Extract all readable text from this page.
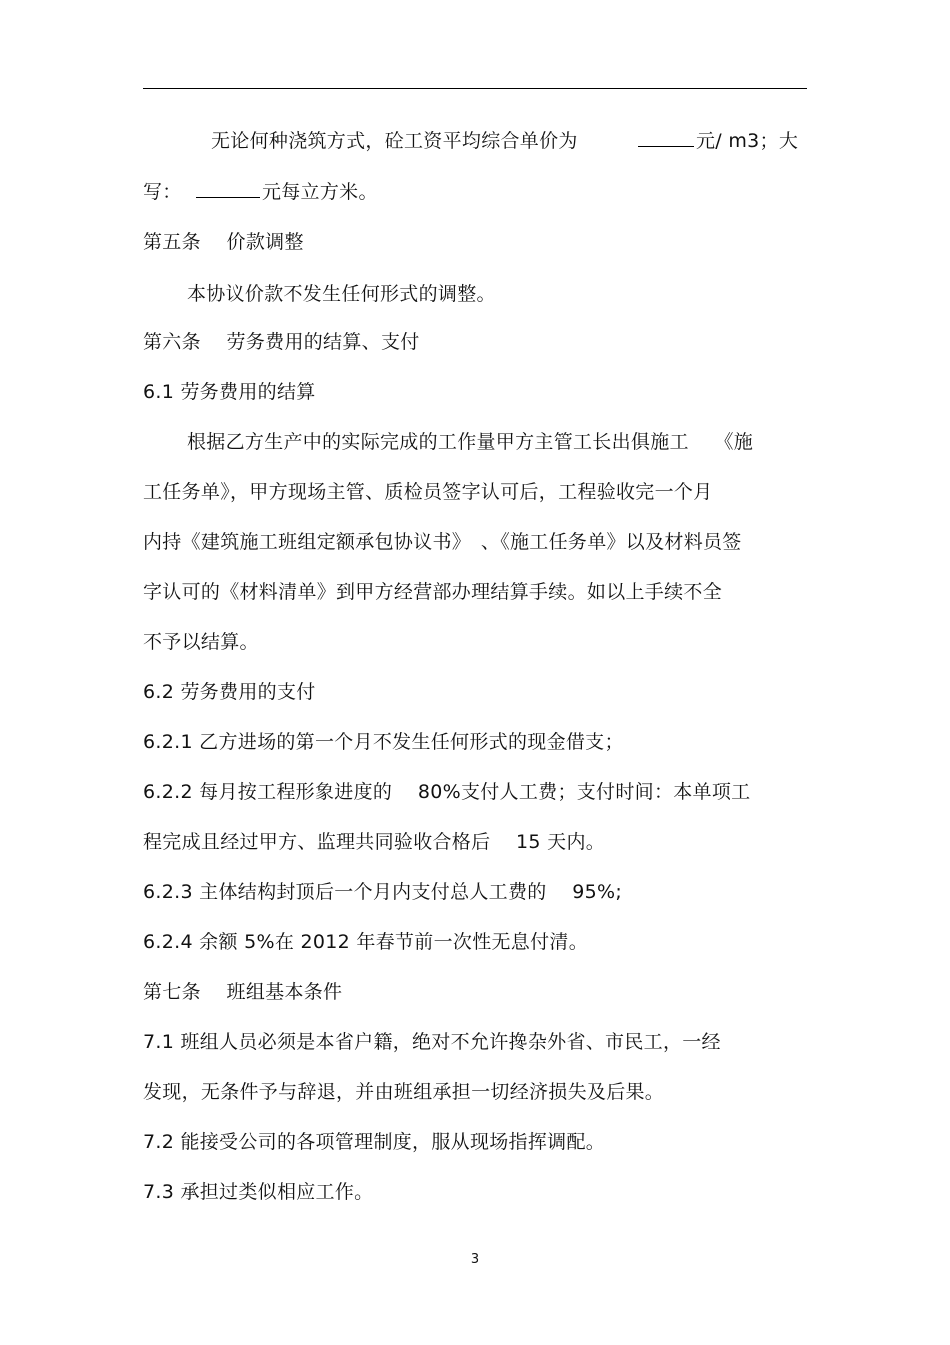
无论何种浇筑方式，砼工资平均综合单价为	元/ m3；大
写：	元每立方米。
第五条　 价款调整
本协议价款不发生任何形式的调整。
第六条　 劳务费用的结算、支付
6.1 劳务费用的结算
根据乙方生产中的实际完成的工作量甲方主管工长出俱施工　 《施
工任务单》，甲方现场主管、质检员签字认可后，工程验收完一个月
内持《建筑施工班组定额承包协议书》　、《施工任务单》以及材料员签
字认可的《材料清单》到甲方经营部办理结算手续。如以上手续不全
不予以结算。
6.2 劳务费用的支付
6.2.1 乙方进场的第一个月不发生任何形式的现金借支；
6.2.2 每月按工程形象进度的　 80%支付人工费；支付时间：本单项工
程完成且经过甲方、监理共同验收合格后　 15 天内。
6.2.3 主体结构封顶后一个月内支付总人工费的　 95%;
6.2.4 余额 5%在 2012 年春节前一次性无息付清。
第七条　 班组基本条件
7.1 班组人员必须是本省户籍，绝对不允许搀杂外省、市民工，一经
发现，无条件予与辞退，并由班组承担一切经济损失及后果。
7.2 能接受公司的各项管理制度，服从现场指挥调配。
7.3 承担过类似相应工作。
3
